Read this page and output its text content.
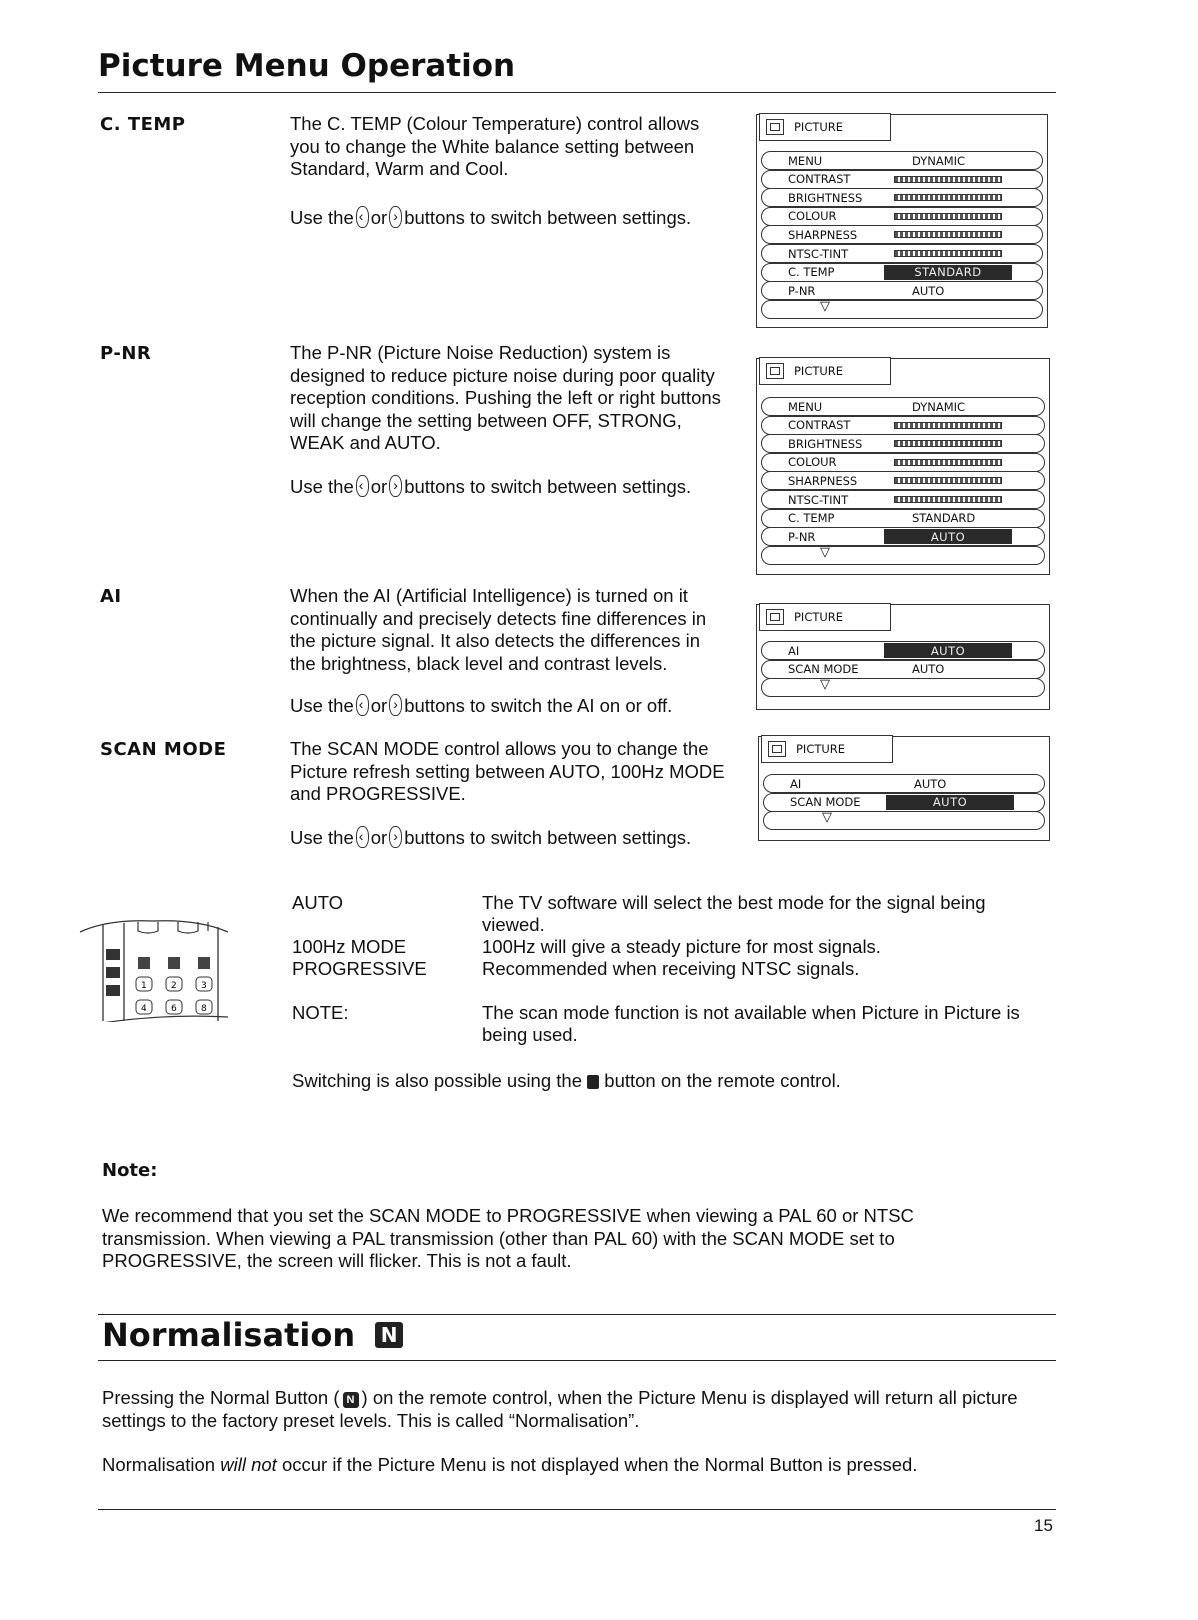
Picture Menu Operation
C. TEMP	The C. TEMP (Colour Temperature) control allows you to change the White balance setting between Standard, Warm and Cool.

Use the ‹ or › buttons to switch between settings.
P-NR	The P-NR (Picture Noise Reduction) system is designed to reduce picture noise during poor quality reception conditions. Pushing the left or right buttons will change the setting between OFF, STRONG, WEAK and AUTO.

Use the ‹ or › buttons to switch between settings.
AI	When the AI (Artificial Intelligence) is turned on it continually and precisely detects fine differences in the picture signal. It also detects the differences in the brightness, black level and contrast levels.

Use the ‹ or › buttons to switch the AI on or off.
SCAN MODE	The SCAN MODE control allows you to change the Picture refresh setting between AUTO, 100Hz MODE and PROGRESSIVE.

Use the ‹ or › buttons to switch between settings.
AUTO	The TV software will select the best mode for the signal being viewed.
100Hz MODE	100Hz will give a steady picture for most signals.
PROGRESSIVE	Recommended when receiving NTSC signals.
NOTE:	The scan mode function is not available when Picture in Picture is being used.
Switching is also possible using the button on the remote control.
1	2	3
4	6	8
PICTURE
MENU	DYNAMIC
CONTRAST
BRIGHTNESS
COLOUR
SHARPNESS
NTSC-TINT
C. TEMP	STANDARD
P-NR	AUTO
▽
PICTURE
MENU	DYNAMIC
CONTRAST
BRIGHTNESS
COLOUR
SHARPNESS
NTSC-TINT
C. TEMP	STANDARD
P-NR	AUTO
▽
PICTURE
AI	AUTO
SCAN MODE	AUTO
▽
PICTURE
AI	AUTO
SCAN MODE	AUTO
▽
Note:
We recommend that you set the SCAN MODE to PROGRESSIVE when viewing a PAL 60 or NTSC transmission. When viewing a PAL transmission (other than PAL 60) with the SCAN MODE set to PROGRESSIVE, the screen will flicker. This is not a fault.
Normalisation N
Pressing the Normal Button ( N ) on the remote control, when the Picture Menu is displayed will return all picture settings to the factory preset levels. This is called “Normalisation”.
Normalisation will not occur if the Picture Menu is not displayed when the Normal Button is pressed.
15
